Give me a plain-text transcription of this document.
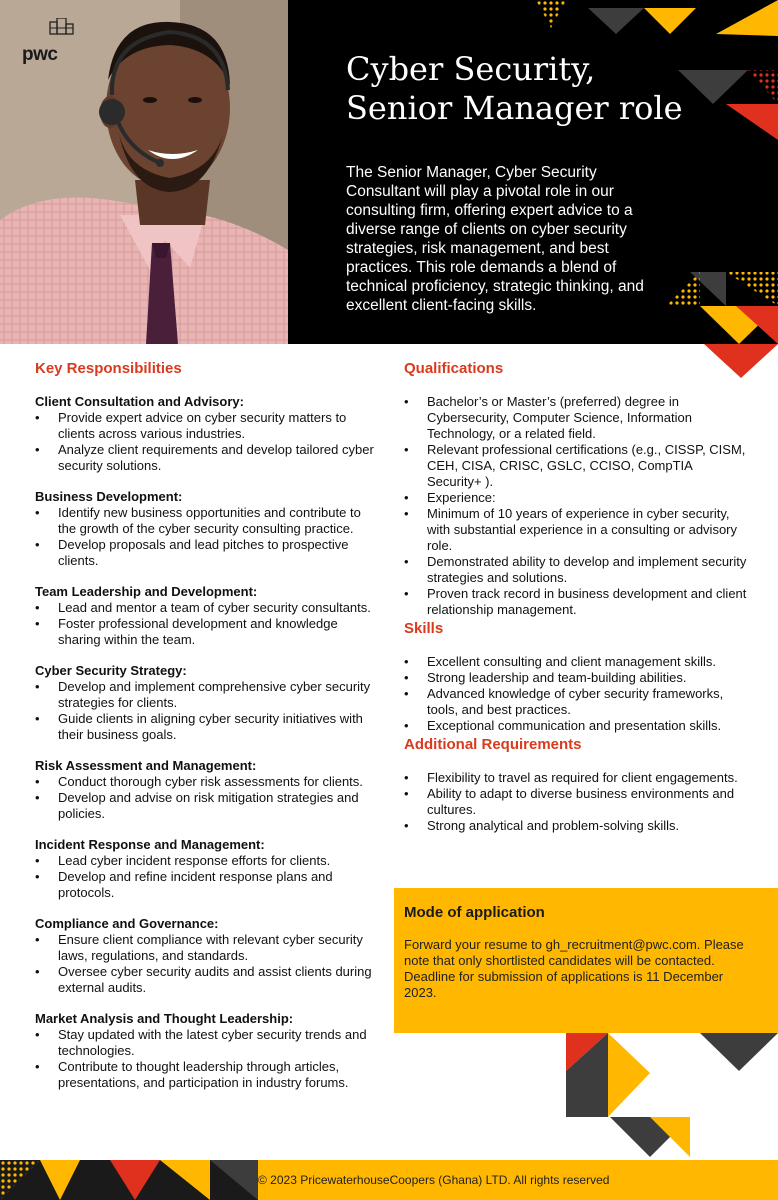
pwc	Cyber Security,
Senior Manager role

The Senior Manager, Cyber Security Consultant will play a pivotal role in our consulting firm, offering expert advice to a diverse range of clients on cyber security strategies, risk management, and best practices. This role demands a blend of technical proficiency, strategic thinking, and excellent client-facing skills.

Key Responsibilities

Client Consultation and Advisory:

• Provide expert advice on cyber security matters to clients across various industries.
• Analyze client requirements and develop tailored cyber security solutions.

Business Development:

• Identify new business opportunities and contribute to the growth of the cyber security consulting practice.
• Develop proposals and lead pitches to prospective clients.

Team Leadership and Development:

• Lead and mentor a team of cyber security consultants.
• Foster professional development and knowledge sharing within the team.

Cyber Security Strategy:

• Develop and implement comprehensive cyber security strategies for clients.
• Guide clients in aligning cyber security initiatives with their business goals.

Risk Assessment and Management:

• Conduct thorough cyber risk assessments for clients.
• Develop and advise on risk mitigation strategies and policies.

Incident Response and Management:

• Lead cyber incident response efforts for clients.
• Develop and refine incident response plans and protocols.

Compliance and Governance:

• Ensure client compliance with relevant cyber security laws, regulations, and standards.
• Oversee cyber security audits and assist clients during external audits.

Market Analysis and Thought Leadership:

• Stay updated with the latest cyber security trends and technologies.
• Contribute to thought leadership through articles, presentations, and participation in industry forums.
Qualifications
• Bachelor’s or Master’s (preferred) degree in Cybersecurity, Computer Science, Information Technology, or a related field.
• Relevant professional certifications (e.g., CISSP, CISM, CEH, CISA, CRISC, GSLC, CCISO, CompTIA Security+ ).
• Experience:
• Minimum of 10 years of experience in cyber security, with substantial experience in a consulting or advisory role.
• Demonstrated ability to develop and implement security strategies and solutions.
• Proven track record in business development and client relationship management.
Skills
• Excellent consulting and client management skills.
• Strong leadership and team-building abilities.
• Advanced knowledge of cyber security frameworks, tools, and best practices.
• Exceptional communication and presentation skills.
Additional Requirements
• Flexibility to travel as required for client engagements.
• Ability to adapt to diverse business environments and cultures.
• Strong analytical and problem-solving skills.
Mode of application

Forward your resume to gh_recruitment@pwc.com. Please note that only shortlisted candidates will be contacted. Deadline for submission of applications is 11 December 2023.

© 2023 PricewaterhouseCoopers (Ghana) LTD. All rights reserved
